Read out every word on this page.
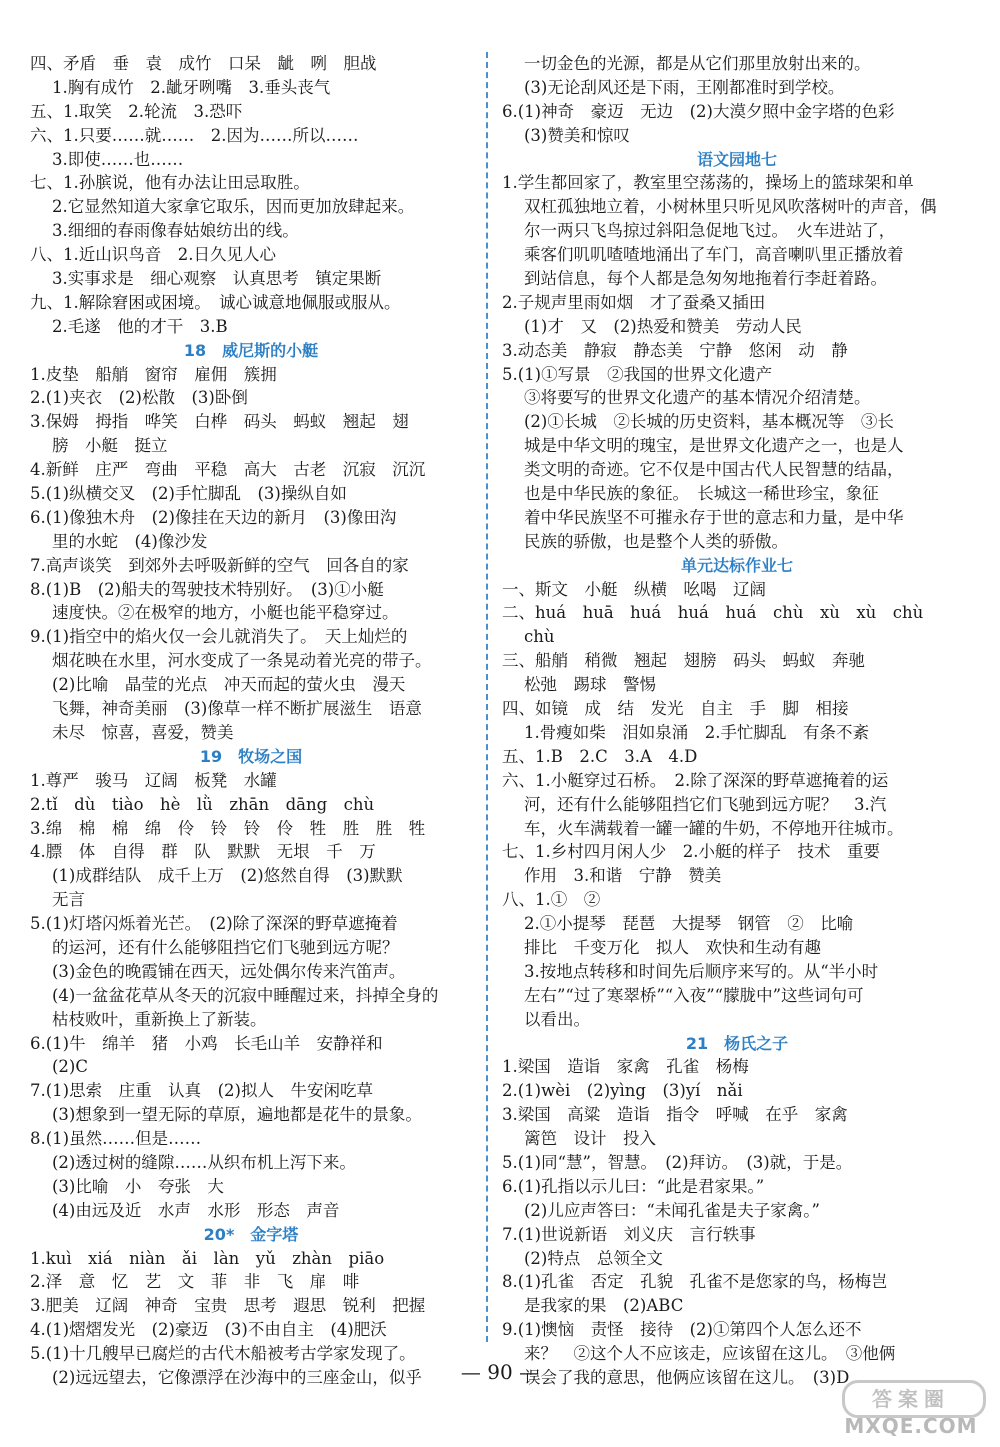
四、矛盾　垂　袁　成竹　口呆　龇　咧　胆战
1.胸有成竹　2.龇牙咧嘴　3.垂头丧气
五、1.取笑　2.轮流　3.恐吓
六、1.只要……就……　2.因为……所以……
3.即使……也……
七、1.孙膑说，他有办法让田忌取胜。
2.它显然知道大家拿它取乐，因而更加放肆起来。
3.细细的春雨像春姑娘纺出的线。
八、1.近山识鸟音　2.日久见人心
3.实事求是　细心观察　认真思考　镇定果断
九、1.解除窘困或困境。　诚心诚意地佩服或服从。
2.毛遂　他的才干　3.B
18　威尼斯的小艇
1.皮垫　船艄　窗帘　雇佣　簇拥
2.(1)夹衣　(2)松散　(3)卧倒
3.保姆　拇指　哗笑　白桦　码头　蚂蚁　翘起　翅
膀　小艇　挺立
4.新鲜　庄严　弯曲　平稳　高大　古老　沉寂　沉沉
5.(1)纵横交叉　(2)手忙脚乱　(3)操纵自如
6.(1)像独木舟　(2)像挂在天边的新月　(3)像田沟
里的水蛇　(4)像沙发
7.高声谈笑　到郊外去呼吸新鲜的空气　回各自的家
8.(1)B　(2)船夫的驾驶技术特别好。　(3)①小艇
速度快。②在极窄的地方，小艇也能平稳穿过。
9.(1)指空中的焰火仅一会儿就消失了。　天上灿烂的
烟花映在水里，河水变成了一条晃动着光亮的带子。
(2)比喻　晶莹的光点　冲天而起的萤火虫　漫天
飞舞，神奇美丽　(3)像草一样不断扩展滋生　语意
未尽　惊喜，喜爱，赞美
19　牧场之国
1.尊严　骏马　辽阔　板凳　水罐
2.tǐ　dù　tiào　hè　lǜ　zhān　dāng　chù
3.绵　棉　棉　绵　伶　铃　铃　伶　牲　胜　胜　牲
4.膘　体　自得　群　队　默默　无垠　千　万
(1)成群结队　成千上万　(2)悠然自得　(3)默默
无言
5.(1)灯塔闪烁着光芒。　(2)除了深深的野草遮掩着
的运河，还有什么能够阻挡它们飞驰到远方呢？
(3)金色的晚霞铺在西天，远处偶尔传来汽笛声。
(4)一盆盆花草从冬天的沉寂中睡醒过来，抖掉全身的
枯枝败叶，重新换上了新装。
6.(1)牛　绵羊　猪　小鸡　长毛山羊　安静祥和
(2)C
7.(1)思索　庄重　认真　(2)拟人　牛安闲吃草
(3)想象到一望无际的草原，遍地都是花牛的景象。
8.(1)虽然……但是……
(2)透过树的缝隙……从织布机上泻下来。
(3)比喻　小　夸张　大
(4)由远及近　水声　水形　形态　声音
20*　金字塔
1.kuì　xiá　niàn　ǎi　làn　yǔ　zhàn　piāo
2.泽　意　忆　艺　文　菲　非　飞　扉　啡
3.肥美　辽阔　神奇　宝贵　思考　遐思　锐利　把握
4.(1)熠熠发光　(2)豪迈　(3)不由自主　(4)肥沃
5.(1)十几艘早已腐烂的古代木船被考古学家发现了。
(2)远远望去，它像漂浮在沙海中的三座金山，似乎
一切金色的光源，都是从它们那里放射出来的。
(3)无论刮风还是下雨，王刚都准时到学校。
6.(1)神奇　豪迈　无边　(2)大漠夕照中金字塔的色彩
(3)赞美和惊叹
语文园地七
1.学生都回家了，教室里空荡荡的，操场上的篮球架和单
双杠孤独地立着，小树林里只听见风吹落树叶的声音，偶
尔一两只飞鸟掠过斜阳急促地飞过。　火车进站了，
乘客们叽叽喳喳地涌出了车门，高音喇叭里正播放着
到站信息，每个人都是急匆匆地拖着行李赶着路。
2.子规声里雨如烟　才了蚕桑又插田
(1)才　又　(2)热爱和赞美　劳动人民
3.动态美　静寂　静态美　宁静　悠闲　动　静
5.(1)①写景　②我国的世界文化遗产
③将要写的世界文化遗产的基本情况介绍清楚。
(2)①长城　②长城的历史资料，基本概况等　③长
城是中华文明的瑰宝，是世界文化遗产之一，也是人
类文明的奇迹。它不仅是中国古代人民智慧的结晶，
也是中华民族的象征。　长城这一稀世珍宝，象征
着中华民族坚不可摧永存于世的意志和力量，是中华
民族的骄傲，也是整个人类的骄傲。
单元达标作业七
一、斯文　小艇　纵横　吆喝　辽阔
二、huá　huā　huá　huá　huá　chù　xù　xù　chù
chù
三、船艄　稍微　翘起　翅膀　码头　蚂蚁　奔驰
松弛　踢球　警惕
四、如镜　成　结　发光　自主　手　脚　相接
1.骨瘦如柴　泪如泉涌　2.手忙脚乱　有条不紊
五、1.B　2.C　3.A　4.D
六、1.小艇穿过石桥。　2.除了深深的野草遮掩着的运
河，还有什么能够阻挡它们飞驰到远方呢？　3.汽
车，火车满载着一罐一罐的牛奶，不停地开往城市。
七、1.乡村四月闲人少　2.小艇的样子　技术　重要
作用　3.和谐　宁静　赞美
八、1.①　②
2.①小提琴　琵琶　大提琴　钢管　②　比喻
排比　千变万化　拟人　欢快和生动有趣
3.按地点转移和时间先后顺序来写的。从“半小时
左右”“过了寒翠桥”“入夜”“朦胧中”这些词句可
以看出。
21　杨氏之子
1.梁国　造诣　家禽　孔雀　杨梅
2.(1)wèi　(2)yìng　(3)yí　nǎi
3.梁国　高粱　造诣　指令　呼喊　在乎　家禽
篱笆　设计　投入
5.(1)同“慧”，智慧。　(2)拜访。　(3)就，于是。
6.(1)孔指以示儿曰：“此是君家果。”
(2)儿应声答曰：“未闻孔雀是夫子家禽。”
7.(1)世说新语　刘义庆　言行轶事
(2)特点　总领全文
8.(1)孔雀　否定　孔貌　孔雀不是您家的鸟，杨梅岂
是我家的果　(2)ABC
9.(1)懊恼　责怪　接待　(2)①第四个人怎么还不
来？　②这个人不应该走，应该留在这儿。　③他俩
误会了我的意思，他俩应该留在这儿。　(3)D
— 90 —
答案圈
MXQE.COM
